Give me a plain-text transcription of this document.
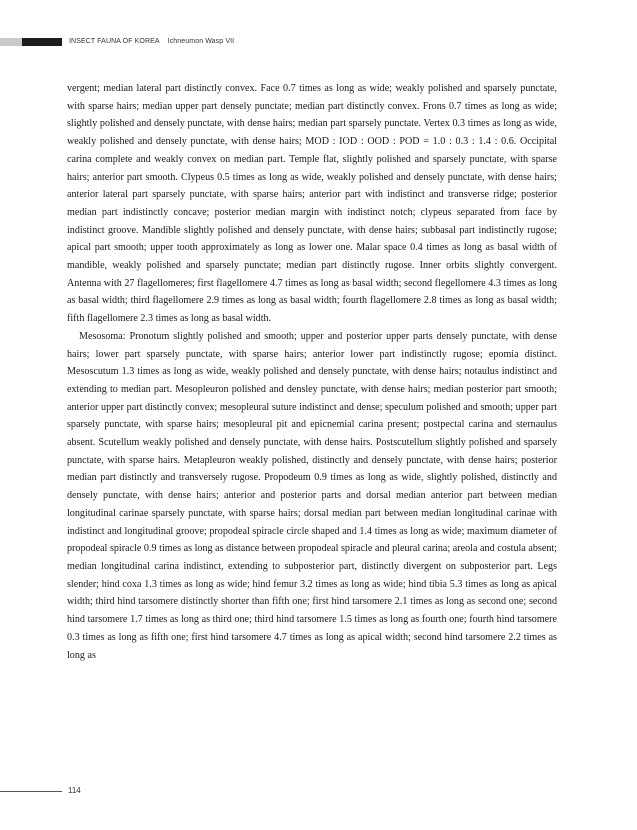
INSECT FAUNA OF KOREA Ichneumon Wasp VII

vergent; median lateral part distinctly convex. Face 0.7 times as long as wide; weakly polished and sparsely punctate, with sparse hairs; median upper part densely punctate; median part distinctly convex. Frons 0.7 times as long as wide; slightly polished and densely punctate, with dense hairs; median part sparsely punctate. Vertex 0.3 times as long as wide, weakly polished and densely punctate, with dense hairs; MOD : IOD : OOD : POD = 1.0 : 0.3 : 1.4 : 0.6. Occipital carina complete and weakly convex on median part. Temple flat, slightly polished and sparsely punctate, with sparse hairs; anterior part smooth. Clypeus 0.5 times as long as wide, weakly polished and densely punctate, with dense hairs; anterior lateral part sparsely punctate, with sparse hairs; anterior part with indistinct and transverse ridge; posterior median part indistinctly concave; posterior median margin with indistinct notch; clypeus separated from face by indistinct groove. Mandible slightly polished and densely punctate, with dense hairs; subbasal part indistinctly rugose; apical part smooth; upper tooth approximately as long as lower one. Malar space 0.4 times as long as basal width of mandible, weakly polished and sparsely punctate; median part distinctly rugose. Inner orbits slightly convergent. Antenna with 27 flagellomeres; first flagellomere 4.7 times as long as basal width; second flegellomere 4.3 times as long as basal width; third flagellomere 2.9 times as long as basal width; fourth flagellomere 2.8 times as long as basal width; fifth flagellomere 2.3 times as long as basal width.

Mesosoma: Pronotum slightly polished and smooth; upper and posterior upper parts densely punctate, with dense hairs; lower part sparsely punctate, with sparse hairs; anterior lower part indistinctly rugose; epomia distinct. Mesoscutum 1.3 times as long as wide, weakly polished and densely punctate, with dense hairs; notaulus indistinct and extending to median part. Mesopleuron polished and densley punctate, with dense hairs; median posterior part smooth; anterior upper part distinctly convex; mesopleural suture indistinct and dense; speculum polished and smooth; upper part sparsely punctate, with sparse hairs; mesopleural pit and epicnemial carina present; postpectal carina and sternaulus absent. Scutellum weakly polished and densely punctate, with dense hairs. Postscutellum slightly polished and sparsely punctate, with sparse hairs. Metapleuron weakly polished, distinctly and densely punctate, with dense hairs; posterior median part distinctly and transversely rugose. Propodeum 0.9 times as long as wide, slightly polished, distinctly and densely punctate, with dense hairs; anterior and posterior parts and dorsal median anterior part between median longitudinal carinae sparsely punctate, with sparse hairs; dorsal median part between median longitudinal carinae with indistinct and longitudinal groove; propodeal spiracle circle shaped and 1.4 times as long as wide; maximum diameter of propodeal spiracle 0.9 times as long as distance between propodeal spiracle and pleural carina; areola and costula absent; median longitudinal carina indistinct, extending to subposterior part, distinctly divergent on subposterior part. Legs slender; hind coxa 1.3 times as long as wide; hind femur 3.2 times as long as wide; hind tibia 5.3 times as long as apical width; third hind tarsomere distinctly shorter than fifth one; first hind tarsomere 2.1 times as long as second one; second hind tarsomere 1.7 times as long as third one; third hind tarsomere 1.5 times as long as fourth one; fourth hind tarsomere 0.3 times as long as fifth one; first hind tarsomere 4.7 times as long as apical width; second hind tarsomere 2.2 times as long as

114
